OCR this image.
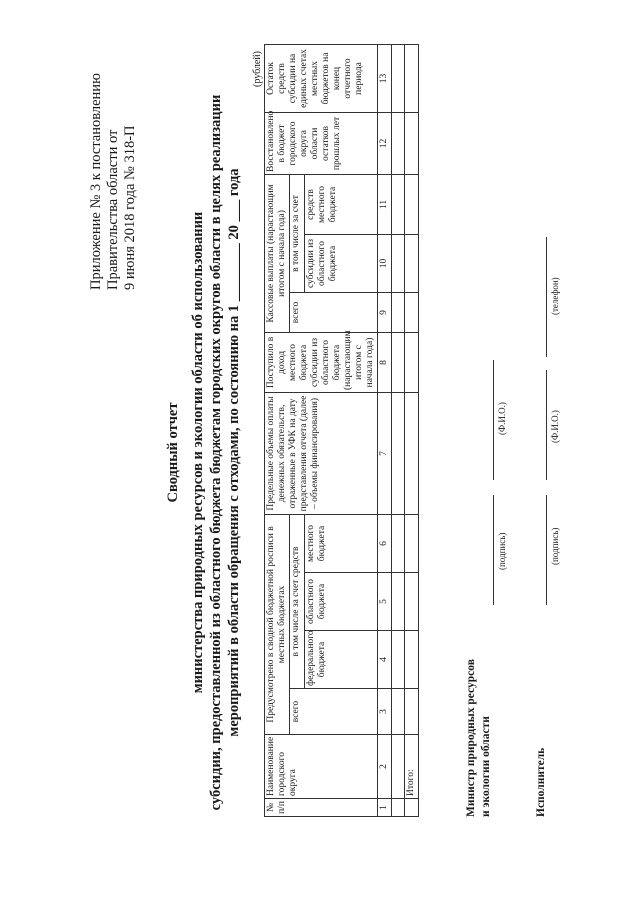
Приложение № 3 к постановлению Правительства области от 9 июня 2018 года № 318-П
Сводный отчет министерства природных ресурсов и экологии области об использовании субсидии, предоставленной из областного бюджета бюджетам городских округов области в целях реализации мероприятий в области обращения с отходами, по состоянию на 1 ________ 20 ___ года
(рублей)
№ п/п	Наименование городского округа	Предусмотрено в сводной бюджетной росписи в местных бюджетах				Предельные объемы оплаты денежных обязательств, отраженные в УФК на дату представления отчета (далее – объемы финансирования)	Поступило в доход местного бюджета субсидии из областного бюджета (нарастающим итогом с начала года)	Кассовые выплаты (нарастающим итогом с начала года)			Восстановлено в бюджет городского округа области остатков прошлых лет	Остаток средств субсидии на единых счетах местных бюджетов на конец отчетного периода
		всего	в том числе за счет средств					всего	в том числе за счет			
			федерального бюджета	областного бюджета	местного бюджета				субсидии из областного бюджета	средств местного бюджета		
1	2	3	4	5	6	7	8	9	10	11	12	13

	Итого:												Министр природных ресурсов и экологии области
(подпись)
(Ф.И.О.)
Исполнитель
(подпись)
(Ф.И.О.)
(телефон)
